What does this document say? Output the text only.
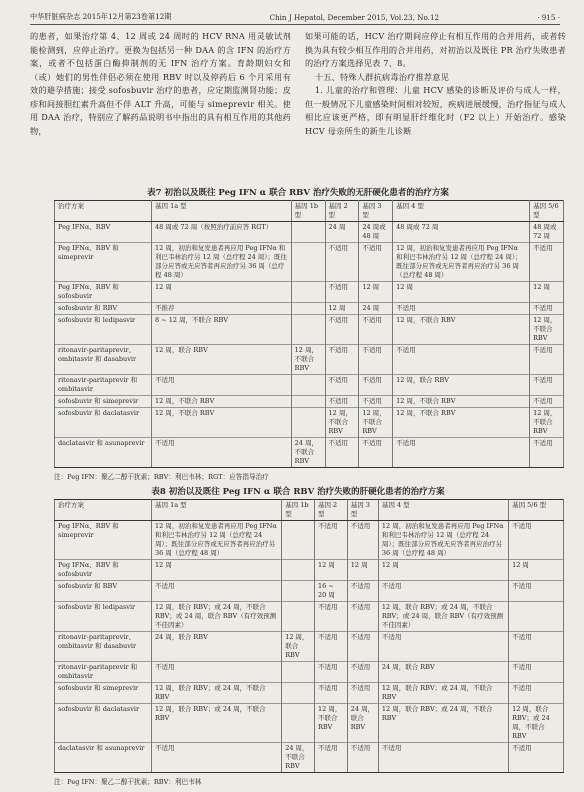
中华肝脏病杂志 2015年12月第23卷第12期	Chin J Hepatol, December 2015, Vol.23, No.12	· 915 ·

的患者，如果治疗第 4、12 周或 24 周时的 HCV RNA 用灵敏试剂能检测到，应停止治疗。更换为包括另一种 DAA 的含 IFN 的治疗方案，或者不包括蛋白酶抑制剂的无 IFN 治疗方案。育龄期妇女和（或）她们的男性伴侣必须在使用 RBV 时以及停药后 6 个月采用有效的避孕措施；接受 sofosbuvir 治疗的患者，应定期监测肾功能；皮疹和间接胆红素升高但不伴 ALT 升高，可能与 simeprevir 相关。使用 DAA 治疗，特别应了解药品说明书中指出的具有相互作用的其他药物，

如果可能的话，HCV 治疗期间应停止有相互作用的合并用药，或者转换为具有较少相互作用的合并用药，对初治以及既往 PR 治疗失败患者的治疗方案选择见表 7、8。

十五、特殊人群抗病毒治疗推荐意见

1. 儿童的治疗和管理：儿童 HCV 感染的诊断及评价与成人一样，但一般情况下儿童感染时间相对较短，疾病进展缓慢，治疗指征与成人相比应该更严格，即有明显肝纤维化时（F2 以上）开始治疗。感染 HCV 母亲所生的新生儿诊断

表7 初治以及既往 Peg IFN α 联合 RBV 治疗失败的无肝硬化患者的治疗方案
治疗方案	基因 1a 型	基因 1b 型	基因 2 型	基因 3 型	基因 4 型	基因 5/6 型
Peg IFNα、RBV	48 周或 72 周（按照治疗前应答 RGT）		24 周	24 周或 48 周	48 周或 72 周	48 周或 72 周
Peg IFNα、RBV 和 simeprevir	12 周，初治和复发患者再应用 Peg IFNα 和利巴韦林治疗另 12 周（总疗程 24 周）；既往部分应答或无应答者再应治疗另 36 周（总疗程 48 周）		不适用	不适用	12 周，初治和复发患者再应用 Peg IFNα 和利巴韦林治疗另 12 周（总疗程 24 周）；既往部分应答或无应答者再应治疗另 36 周（总疗程 48 周）	不适用
Peg IFNα、RBV 和 sofosbuvir	12 周		不适用	12 周	12 周	12 周
sofosbuvir 和 RBV	不推荐		12 周	24 周	不适用	不适用
sofosbuvir 和 ledipasvir	8 ~ 12 周，不联合 RBV		不适用	不适用	12 周，不联合 RBV	12 周，不联合 RBV
ritonavir-paritaprevir、ombitasvir 和 dasabuvir	12 周，联合 RBV	12 周，不联合 RBV	不适用	不适用	不适用	不适用
ritonavir-paritaprevir 和 ombitasvir	不适用		不适用	不适用	12 周，联合 RBV	不适用
sofosbuvir 和 simeprevir	12 周，不联合 RBV		不适用	不适用	12 周，不联合 RBV	不适用
sofosbuvir 和 daclatasvir	12 周，不联合 RBV		12 周，不联合 RBV	12 周，不联合 RBV	12 周，不联合 RBV	12 周，不联合 RBV
daclatasvir 和 asunaprevir	不适用	24 周，不联合 RBV	不适用	不适用	不适用	不适用
注：Peg IFN：聚乙二醇干扰素；RBV：利巴韦林；RGT：应答指导治疗
表8 初治以及既往 Peg IFN α 联合 RBV 治疗失败的肝硬化患者的治疗方案
治疗方案	基因 1a 型	基因 1b 型	基因 2 型	基因 3 型	基因 4 型	基因 5/6 型
Peg IFNα、RBV 和 simeprevir	12 周，初治和复发患者再应用 Peg IFNα 和利巴韦林治疗另 12 周（总疗程 24 周）；既往部分应答或无应答者再应治疗另 36 周（总疗程 48 周）		不适用	不适用	12 周，初治和复发患者再应用 Peg IFNα 和利巴韦林治疗另 12 周（总疗程 24 周）；既往部分应答或无应答者再应治疗另 36 周（总疗程 48 周）	不适用
Peg IFNα、RBV 和 sofosbuvir	12 周		12 周	12 周	12 周	12 周
sofosbuvir 和 RBV	不适用		16 ~ 20 周	不适用	不适用	不适用
sofosbuvir 和 ledipasvir	12 周，联合 RBV；或 24 周，不联合 RBV；或 24 周，联合 RBV（有疗效预测不佳因素）		不适用	不适用	12 周，联合 RBV；或 24 周，不联合 RBV；或 24 周，联合 RBV（有疗效预测不佳因素）	
ritonavir-paritaprevir、ombitasvir 和 dasabuvir	24 周，联合 RBV	12 周，联合 RBV	不适用	不适用	不适用	不适用
ritonavir-paritaprevir 和 ombitasvir	不适用		不适用	不适用	24 周，联合 RBV	不适用
sofosbuvir 和 simeprevir	12 周，联合 RBV；或 24 周，不联合 RBV		不适用	不适用	12 周，联合 RBV；或 24 周，不联合 RBV	不适用
sofosbuvir 和 daclatasvir	12 周，联合 RBV；或 24 周，不联合 RBV		12 周，不联合 RBV	24 周，联合 RBV	12 周，联合 RBV；或 24 周，不联合 RBV	12 周，联合 RBV；或 24 周，不联合 RBV
daclatasvir 和 asunaprevir	不适用	24 周，不联合 RBV	不适用	不适用	不适用	不适用
注：Peg IFN：聚乙二醇干扰素；RBV：利巴韦林
